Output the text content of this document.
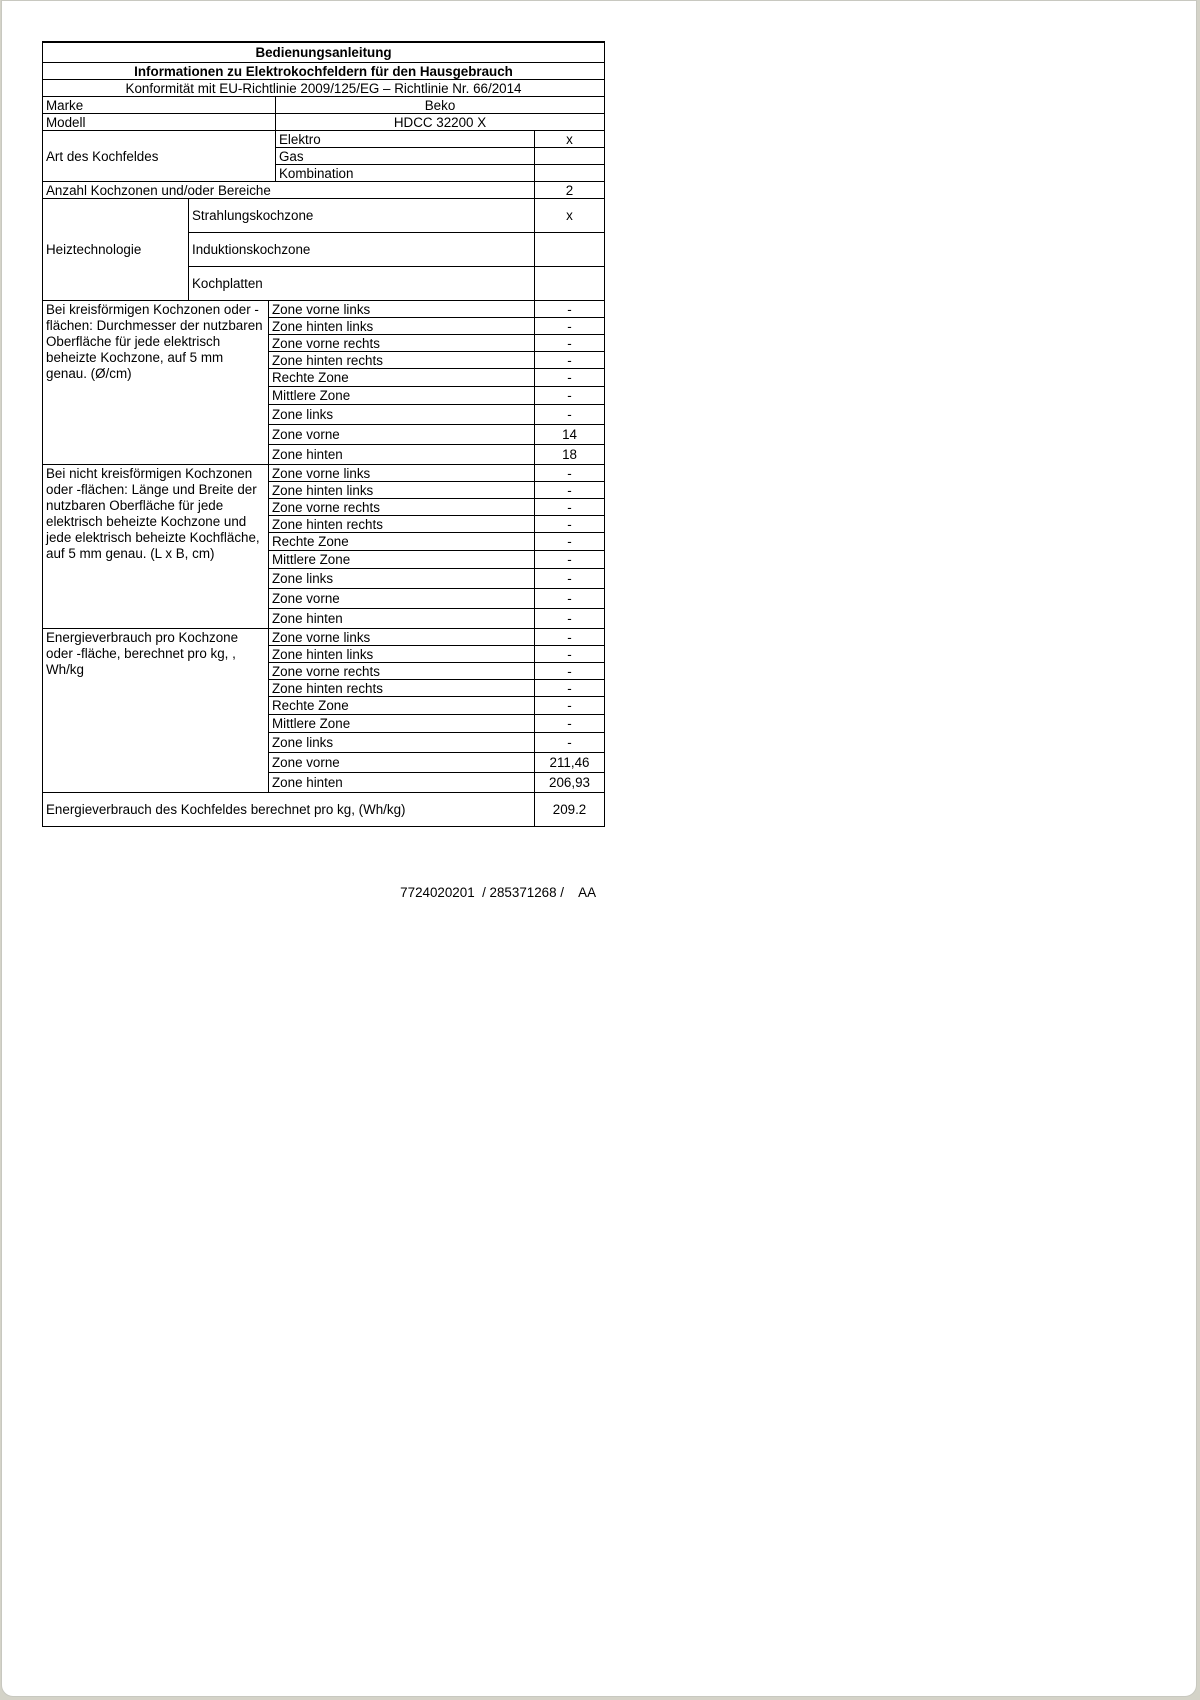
Bedienungsanleitung				
Informationen zu Elektrokochfeldern für den Hausgebrauch				
Konformität mit EU-Richtlinie 2009/125/EG – Richtlinie Nr. 66/2014				
Marke			Beko	
Modell			HDCC 32200 X	
Art des Kochfeldes			Elektro	x
			Gas	
			Kombination	
Anzahl Kochzonen und/oder Bereiche				2
Heiztechnologie	Strahlungskochzone			x
	Induktionskochzone			
	Kochplatten			
Bei kreisförmigen Kochzonen oder -flächen: Durchmesser der nutzbaren Oberfläche für jede elektrisch beheizte Kochzone, auf 5 mm genau. (Ø/cm)		Zone vorne links		-
		Zone hinten links		-
		Zone vorne rechts		-
		Zone hinten rechts		-
		Rechte Zone		-
		Mittlere Zone		-
		Zone links		-
		Zone vorne		14
		Zone hinten		18
Bei nicht kreisförmigen Kochzonen oder -flächen: Länge und Breite der nutzbaren Oberfläche für jede elektrisch beheizte Kochzone und jede elektrisch beheizte Kochfläche, auf 5 mm genau. (L x B, cm)		Zone vorne links		-
		Zone hinten links		-
		Zone vorne rechts		-
		Zone hinten rechts		-
		Rechte Zone		-
		Mittlere Zone		-
		Zone links		-
		Zone vorne		-
		Zone hinten		-
Energieverbrauch pro Kochzone oder -fläche, berechnet pro kg, , Wh/kg		Zone vorne links		-
		Zone hinten links		-
		Zone vorne rechts		-
		Zone hinten rechts		-
		Rechte Zone		-
		Mittlere Zone		-
		Zone links		-
		Zone vorne		211,46
		Zone hinten		206,93
Energieverbrauch des Kochfeldes berechnet pro kg, (Wh/kg)				209.2
7724020201  / 285371268 /    AA
